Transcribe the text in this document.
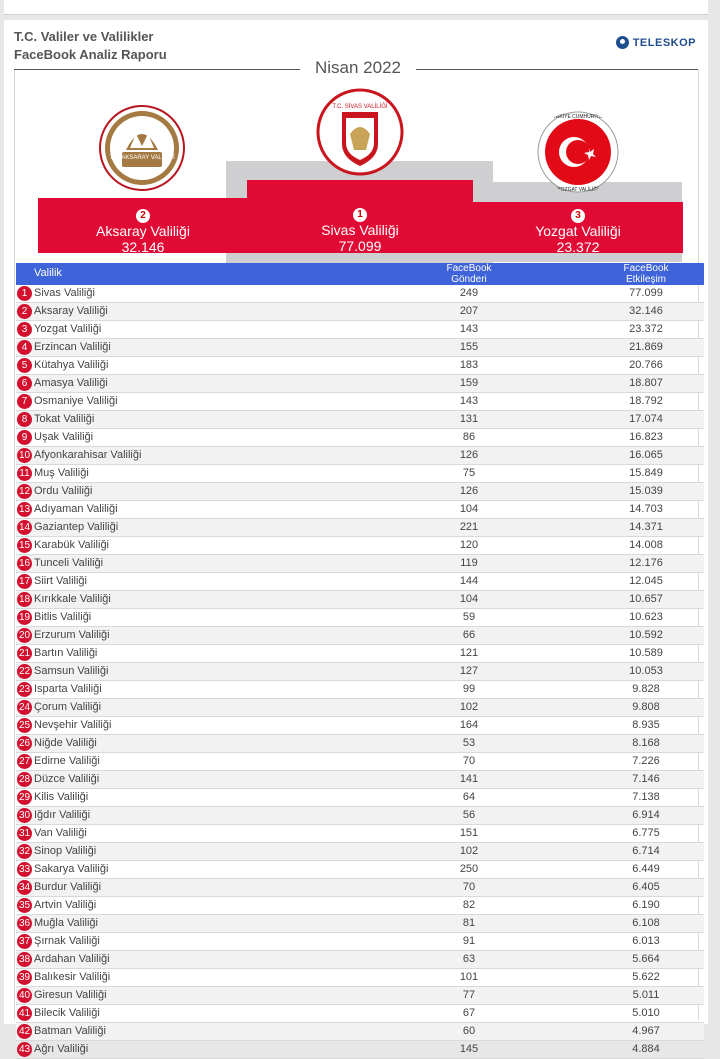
T.C. Valiler ve Valilikler
FaceBook Analiz Raporu
TELESKOP
Nisan 2022
T.C. AKSARAY VALİLİĞİ
T.C. SİVAS VALİLİĞİ
TÜRKİYE CUMHURİYETİ
YOZGAT VALİLİĞİ
2
Aksaray Valiliği
32.146
1
Sivas Valiliği
77.099
3
Yozgat Valiliği
23.372
Valilik	FaceBook
Gönderi
FaceBook
Etkileşim
1 Sivas Valiliği	249	77.099
2 Aksaray Valiliği	207	32.146
3 Yozgat Valiliği	143	23.372
4 Erzincan Valiliği	155	21.869
5 Kütahya Valiliği	183	20.766
6 Amasya Valiliği	159	18.807
7 Osmaniye Valiliği	143	18.792
8 Tokat Valiliği	131	17.074
9 Uşak Valiliği	86	16.823
10 Afyonkarahisar Valiliği	126	16.065
11 Muş Valiliği	75	15.849
12 Ordu Valiliği	126	15.039
13 Adıyaman Valiliği	104	14.703
14 Gaziantep Valiliği	221	14.371
15 Karabük Valiliği	120	14.008
16 Tunceli Valiliği	119	12.176
17 Siirt Valiliği	144	12.045
18 Kırıkkale Valiliği	104	10.657
19 Bitlis Valiliği	59	10.623
20 Erzurum Valiliği	66	10.592
21 Bartın Valiliği	121	10.589
22 Samsun Valiliği	127	10.053
23 Isparta Valiliği	99	9.828
24 Çorum Valiliği	102	9.808
25 Nevşehir Valiliği	164	8.935
26 Niğde Valiliği	53	8.168
27 Edirne Valiliği	70	7.226
28 Düzce Valiliği	141	7.146
29 Kilis Valiliği	64	7.138
30 Iğdır Valiliği	56	6.914
31 Van Valiliği	151	6.775
32 Sinop Valiliği	102	6.714
33 Sakarya Valiliği	250	6.449
34 Burdur Valiliği	70	6.405
35 Artvin Valiliği	82	6.190
36 Muğla Valiliği	81	6.108
37 Şırnak Valiliği	91	6.013
38 Ardahan Valiliği	63	5.664
39 Balıkesir Valiliği	101	5.622
40 Giresun Valiliği	77	5.011
41 Bilecik Valiliği	67	5.010
42 Batman Valiliği	60	4.967
43 Ağrı Valiliği	145	4.884
